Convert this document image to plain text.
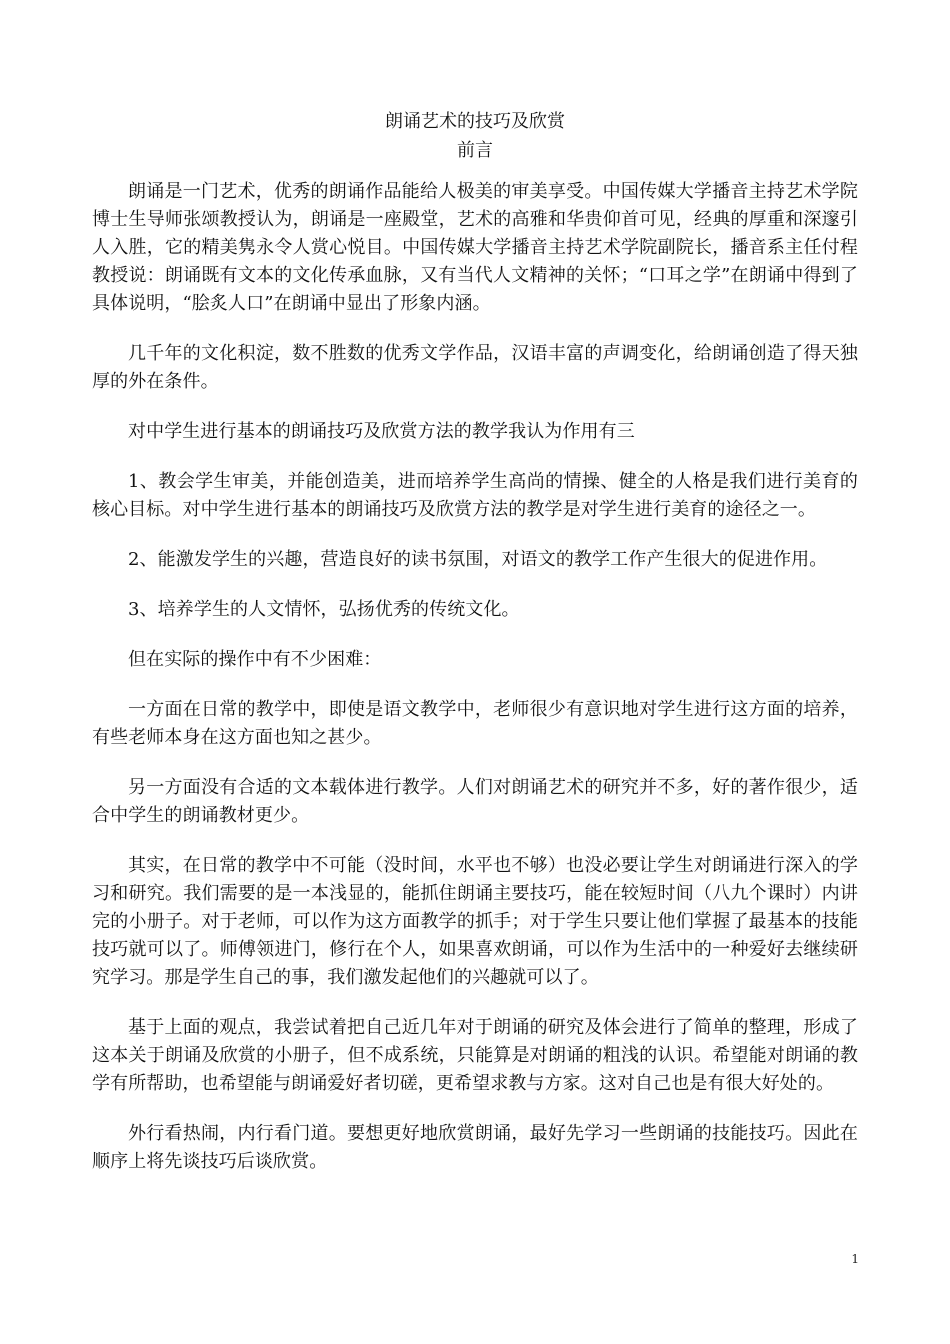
朗诵艺术的技巧及欣赏
前言

朗诵是一门艺术，优秀的朗诵作品能给人极美的审美享受。中国传媒大学播音主持艺术学院博士生导师张颂教授认为，朗诵是一座殿堂，艺术的高雅和华贵仰首可见，经典的厚重和深邃引人入胜，它的精美隽永令人赏心悦目。中国传媒大学播音主持艺术学院副院长，播音系主任付程教授说：朗诵既有文本的文化传承血脉，又有当代人文精神的关怀；“口耳之学”在朗诵中得到了具体说明，“脍炙人口”在朗诵中显出了形象内涵。

几千年的文化积淀，数不胜数的优秀文学作品，汉语丰富的声调变化，给朗诵创造了得天独厚的外在条件。

对中学生进行基本的朗诵技巧及欣赏方法的教学我认为作用有三

1、教会学生审美，并能创造美，进而培养学生高尚的情操、健全的人格是我们进行美育的核心目标。对中学生进行基本的朗诵技巧及欣赏方法的教学是对学生进行美育的途径之一。

2、能激发学生的兴趣，营造良好的读书氛围，对语文的教学工作产生很大的促进作用。

3、培养学生的人文情怀，弘扬优秀的传统文化。

但在实际的操作中有不少困难：

一方面在日常的教学中，即使是语文教学中，老师很少有意识地对学生进行这方面的培养，有些老师本身在这方面也知之甚少。

另一方面没有合适的文本载体进行教学。人们对朗诵艺术的研究并不多，好的著作很少，适合中学生的朗诵教材更少。

其实，在日常的教学中不可能（没时间，水平也不够）也没必要让学生对朗诵进行深入的学习和研究。我们需要的是一本浅显的，能抓住朗诵主要技巧，能在较短时间（八九个课时）内讲完的小册子。对于老师，可以作为这方面教学的抓手；对于学生只要让他们掌握了最基本的技能技巧就可以了。师傅领进门，修行在个人，如果喜欢朗诵，可以作为生活中的一种爱好去继续研究学习。那是学生自己的事，我们激发起他们的兴趣就可以了。

基于上面的观点，我尝试着把自己近几年对于朗诵的研究及体会进行了简单的整理，形成了这本关于朗诵及欣赏的小册子，但不成系统，只能算是对朗诵的粗浅的认识。希望能对朗诵的教学有所帮助，也希望能与朗诵爱好者切磋，更希望求教与方家。这对自己也是有很大好处的。

外行看热闹，内行看门道。要想更好地欣赏朗诵，最好先学习一些朗诵的技能技巧。因此在顺序上将先谈技巧后谈欣赏。

1
